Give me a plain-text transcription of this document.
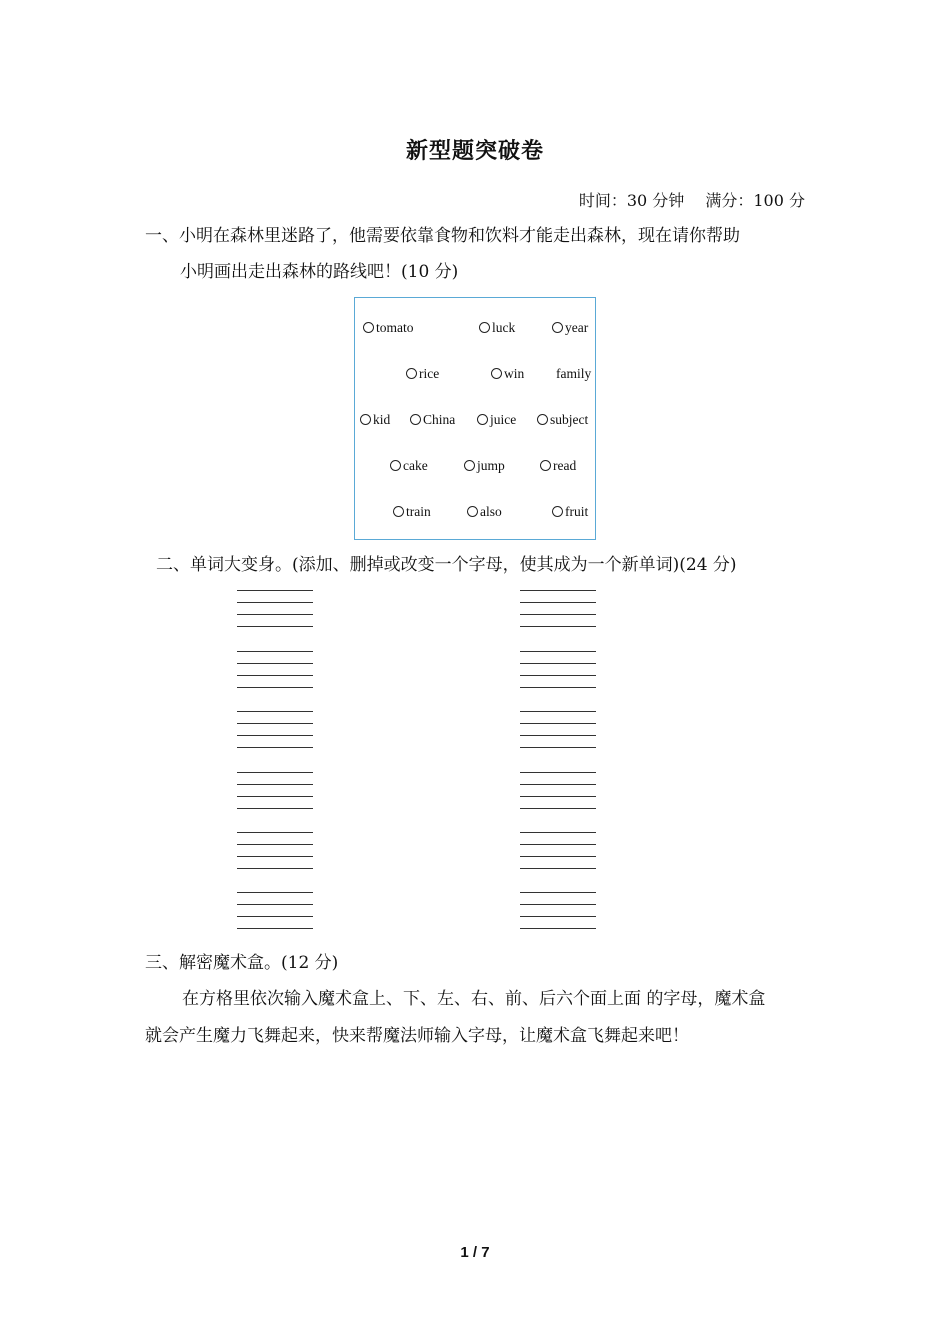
新型题突破卷
时间：30 分钟 满分：100 分
一、小明在森林里迷路了，他需要依靠食物和饮料才能走出森林，现在请你帮助
小明画出走出森林的路线吧！(10 分)
tomato	luck	year
rice	win family
kid	China	juice	subject
cake	jump	read
train	also	fruit
二、单词大变身。(添加、删掉或改变一个字母，使其成为一个新单词)(24 分)
三、解密魔术盒。(12 分)
在方格里依次输入魔术盒上、下、左、右、前、后六个面上面 的字母，魔术盒
就会产生魔力飞舞起来，快来帮魔法师输入字母，让魔术盒飞舞起来吧！
1 / 7
